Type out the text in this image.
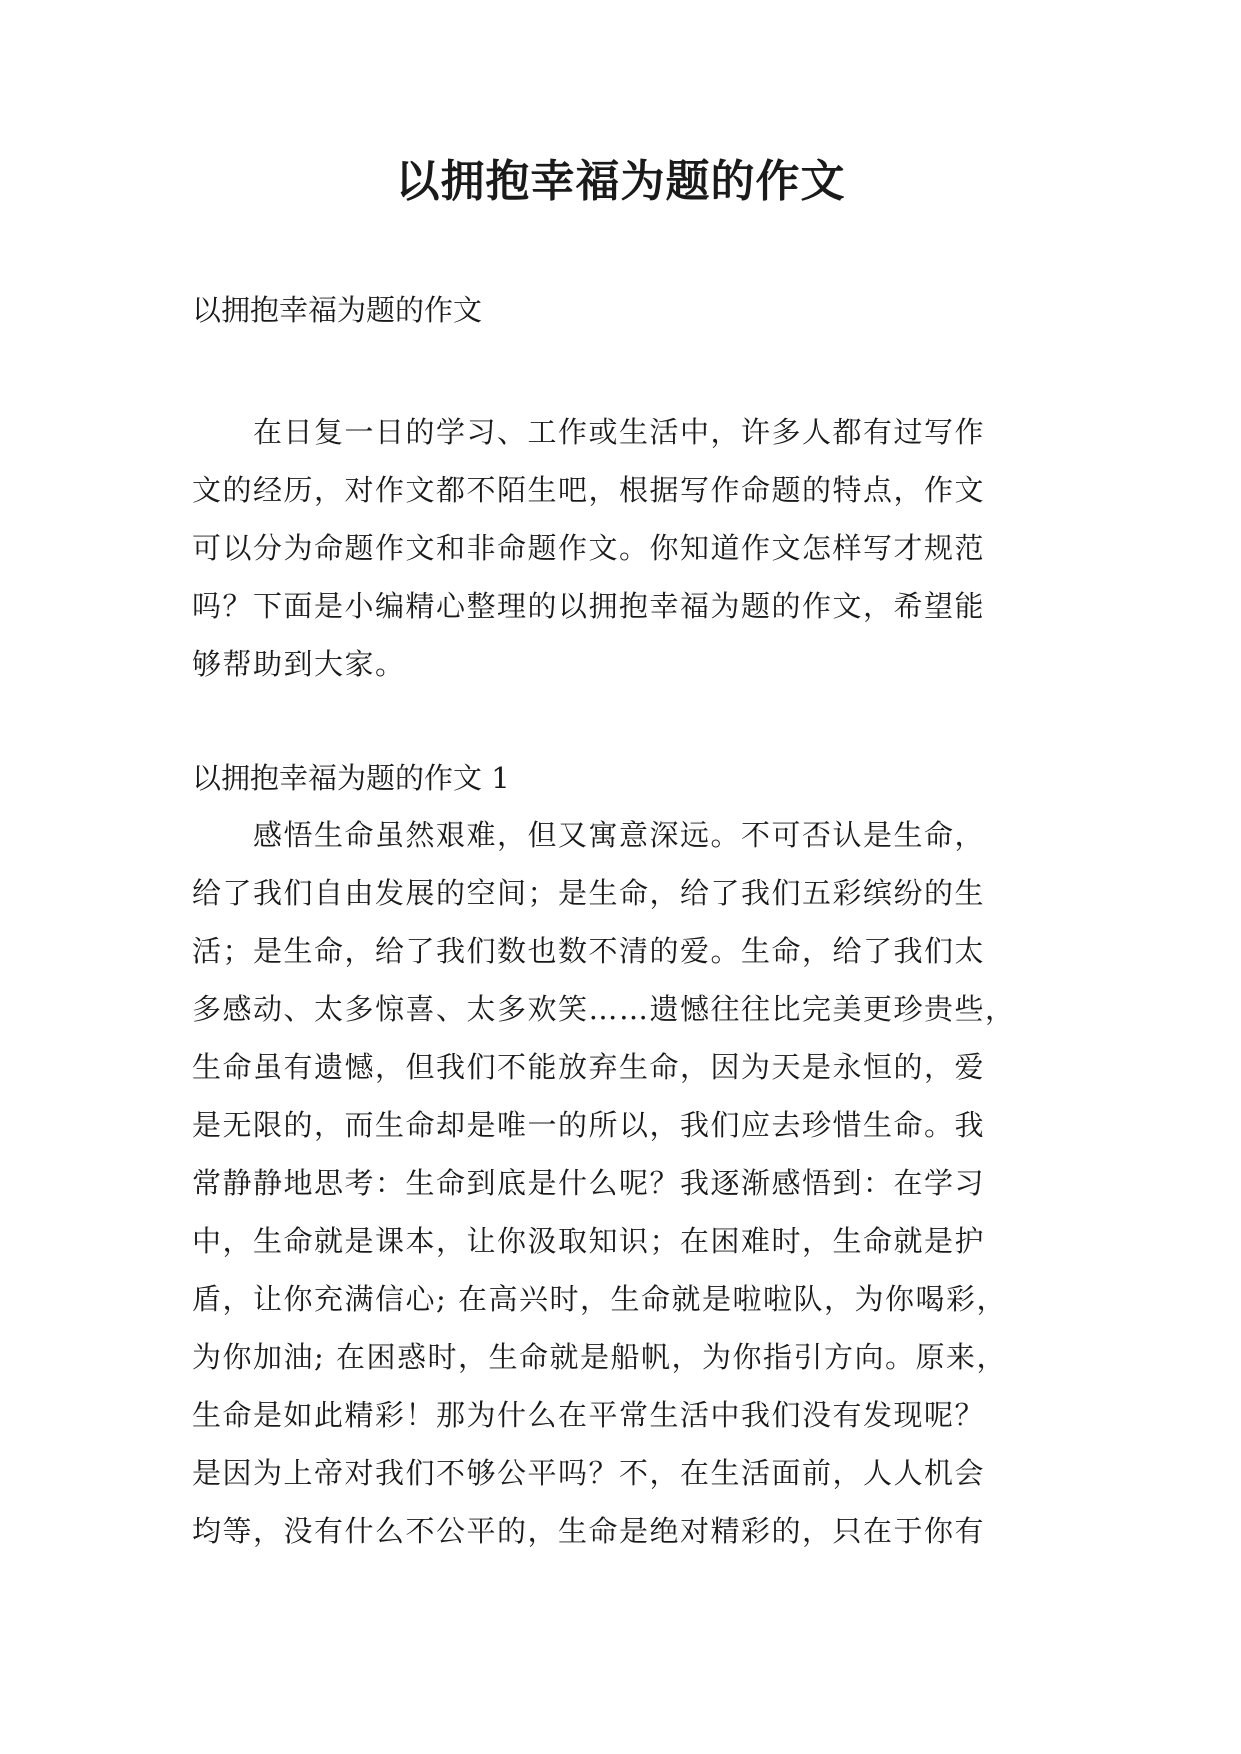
以拥抱幸福为题的作文

以拥抱幸福为题的作文

　　在日复一日的学习、工作或生活中，许多人都有过写作
文的经历，对作文都不陌生吧，根据写作命题的特点，作文
可以分为命题作文和非命题作文。你知道作文怎样写才规范
吗？下面是小编精心整理的以拥抱幸福为题的作文，希望能
够帮助到大家。

以拥抱幸福为题的作文 1

　　感悟生命虽然艰难，但又寓意深远。不可否认是生命，
给了我们自由发展的空间；是生命，给了我们五彩缤纷的生
活；是生命，给了我们数也数不清的爱。生命，给了我们太
多感动、太多惊喜、太多欢笑……遗憾往往比完美更珍贵些，
生命虽有遗憾，但我们不能放弃生命，因为天是永恒的，爱
是无限的，而生命却是唯一的所以，我们应去珍惜生命。我
常静静地思考：生命到底是什么呢？我逐渐感悟到：在学习
中，生命就是课本，让你汲取知识；在困难时，生命就是护
盾，让你充满信心; 在高兴时，生命就是啦啦队，为你喝彩，
为你加油; 在困惑时，生命就是船帆，为你指引方向。原来，
生命是如此精彩！那为什么在平常生活中我们没有发现呢？
是因为上帝对我们不够公平吗？不，在生活面前，人人机会
均等，没有什么不公平的，生命是绝对精彩的，只在于你有
